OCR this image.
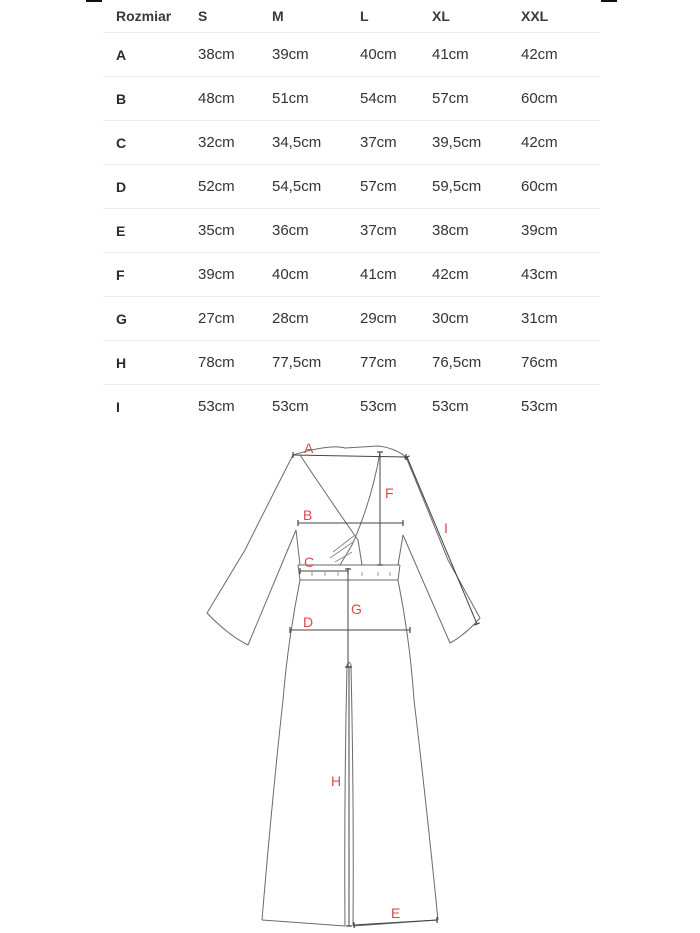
Rozmiar	S	M	L	XL	XXL
A	38cm	39cm	40cm	41cm	42cm
B	48cm	51cm	54cm	57cm	60cm
C	32cm	34,5cm	37cm	39,5cm	42cm
D	52cm	54,5cm	57cm	59,5cm	60cm
E	35cm	36cm	37cm	38cm	39cm
F	39cm	40cm	41cm	42cm	43cm
G	27cm	28cm	29cm	30cm	31cm
H	78cm	77,5cm	77cm	76,5cm	76cm
I	53cm	53cm	53cm	53cm	53cm
A
B
C
D
E
F
G
H
I
